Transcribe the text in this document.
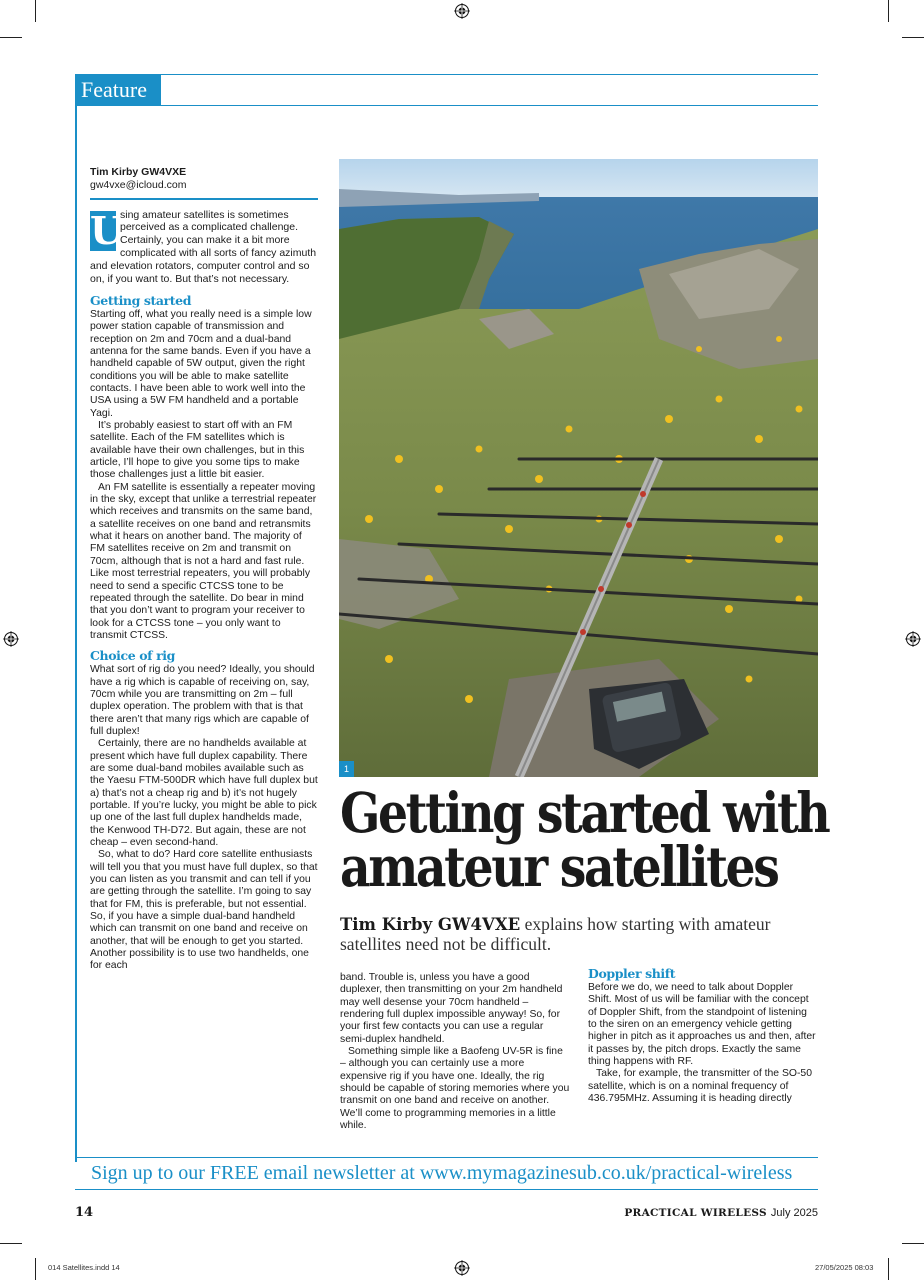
Feature
Tim Kirby GW4VXE
gw4vxe@icloud.com
U
sing amateur satellites is sometimes perceived as a complicated challenge. Certainly, you can make it a bit more complicated with all sorts of fancy azimuth and elevation rotators, computer control and so on, if you want to. But that’s not necessary.
Getting started

Starting off, what you really need is a simple low power station capable of transmission and reception on 2m and 70cm and a dual-band antenna for the same bands. Even if you have a handheld capable of 5W output, given the right conditions you will be able to make satellite contacts. I have been able to work well into the USA using a 5W FM handheld and a portable Yagi.

It’s probably easiest to start off with an FM satellite. Each of the FM satellites which is available have their own challenges, but in this article, I’ll hope to give you some tips to make those challenges just a little bit easier.

An FM satellite is essentially a repeater moving in the sky, except that unlike a terrestrial repeater which receives and transmits on the same band, a satellite receives on one band and retransmits what it hears on another band. The majority of FM satellites receive on 2m and transmit on 70cm, although that is not a hard and fast rule. Like most terrestrial repeaters, you will probably need to send a specific CTCSS tone to be repeated through the satellite. Do bear in mind that you don’t want to program your receiver to look for a CTCSS tone – you only want to transmit CTCSS.

Choice of rig

What sort of rig do you need? Ideally, you should have a rig which is capable of receiving on, say, 70cm while you are transmitting on 2m – full duplex operation. The problem with that is that there aren’t that many rigs which are capable of full duplex!

Certainly, there are no handhelds available at present which have full duplex capability. There are some dual-band mobiles available such as the Yaesu FTM-500DR which have full duplex but a) that’s not a cheap rig and b) it’s not hugely portable. If you’re lucky, you might be able to pick up one of the last full duplex handhelds made, the Kenwood TH-D72. But again, these are not cheap – even second-hand.

So, what to do? Hard core satellite enthusiasts will tell you that you must have full duplex, so that you can listen as you transmit and can tell if you are getting through the satellite. I’m going to say that for FM, this is preferable, but not essential. So, if you have a simple dual-band handheld which can transmit on one band and receive on another, that will be enough to get you started. Another possibility is to use two handhelds, one for each

1
Getting started with
amateur satellites
Tim Kirby GW4VXE explains how starting with amateur satellites need not be difficult.

band. Trouble is, unless you have a good duplexer, then transmitting on your 2m handheld may well desense your 70cm handheld – rendering full duplex impossible anyway! So, for your first few contacts you can use a regular semi-duplex handheld.

Something simple like a Baofeng UV-5R is fine – although you can certainly use a more expensive rig if you have one. Ideally, the rig should be capable of storing memories where you transmit on one band and receive on another. We’ll come to programming memories in a little while.

Doppler shift

Before we do, we need to talk about Doppler Shift. Most of us will be familiar with the concept of Doppler Shift, from the standpoint of listening to the siren on an emergency vehicle getting higher in pitch as it approaches us and then, after it passes by, the pitch drops. Exactly the same thing happens with RF.

Take, for example, the transmitter of the SO-50 satellite, which is on a nominal frequency of 436.795MHz. Assuming it is heading directly

Sign up to our FREE email newsletter at www.mymagazinesub.co.uk/practical-wireless
14	PRACTICAL WIRELESS July 2025
014 Satellites.indd 14	27/05/2025 08:03
